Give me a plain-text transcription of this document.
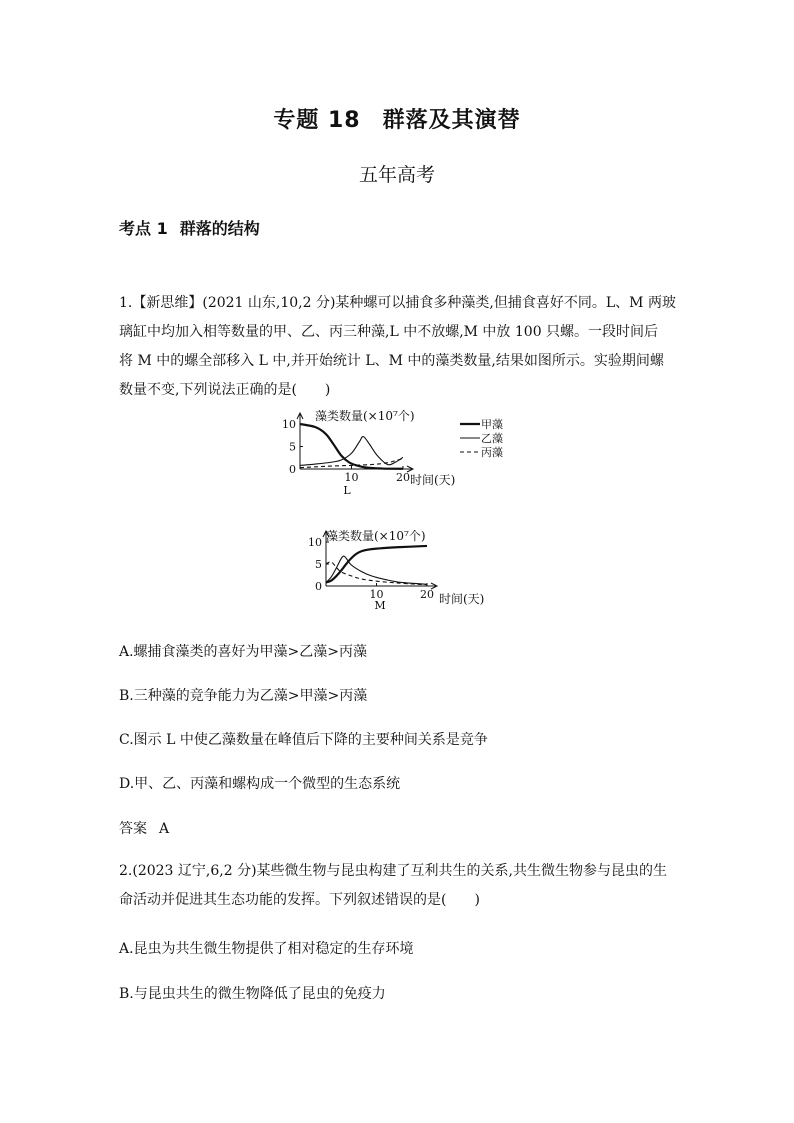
专题 18 群落及其演替
五年高考
考点 1 群落的结构
1.【新思维】(2021 山东,10,2 分)某种螺可以捕食多种藻类,但捕食喜好不同。L、M 两玻
璃缸中均加入相等数量的甲、乙、丙三种藻,L 中不放螺,M 中放 100 只螺。一段时间后
将 M 中的螺全部移入 L 中,并开始统计 L、M 中的藻类数量,结果如图所示。实验期间螺
数量不变,下列说法正确的是(　　)
0
5
10
10	20
藻类数量(×10⁷个)
时间(天)
L
甲藻
乙藻
丙藻
0
5
10
10	20
藻类数量(×10⁷个)
时间(天)
M
A.螺捕食藻类的喜好为甲藻>乙藻>丙藻
B.三种藻的竞争能力为乙藻>甲藻>丙藻
C.图示 L 中使乙藻数量在峰值后下降的主要种间关系是竞争
D.甲、乙、丙藻和螺构成一个微型的生态系统
答案 A
2.(2023 辽宁,6,2 分)某些微生物与昆虫构建了互利共生的关系,共生微生物参与昆虫的生
命活动并促进其生态功能的发挥。下列叙述错误的是(　　)
A.昆虫为共生微生物提供了相对稳定的生存环境
B.与昆虫共生的微生物降低了昆虫的免疫力
